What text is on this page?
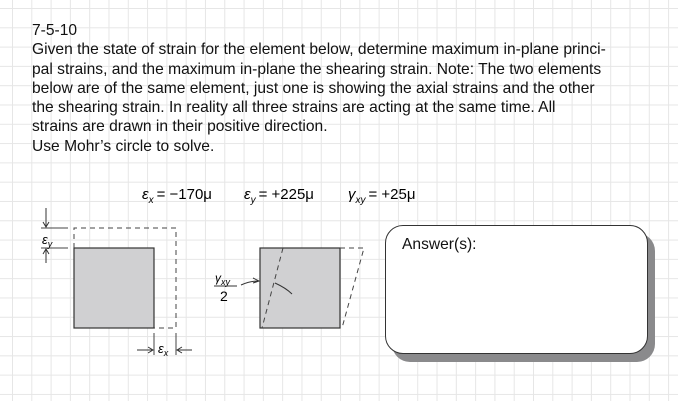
7-5-10
Given the state of strain for the element below, determine maximum in-plane princi-
pal strains, and the maximum in-plane the shearing strain. Note: The two elements
below are of the same element, just one is showing the axial strains and the other
the shearing strain. In reality all three strains are acting at the same time. All
strains are drawn in their positive direction.
Use Mohr’s circle to solve.
$\varepsilon_x = -170\mu$ $\varepsilon_y = +225\mu$ $\gamma_{xy} = +25\mu$
$\varepsilon_y$
$\varepsilon_x$
$\gamma_{xy}$
2
Answer(s):
